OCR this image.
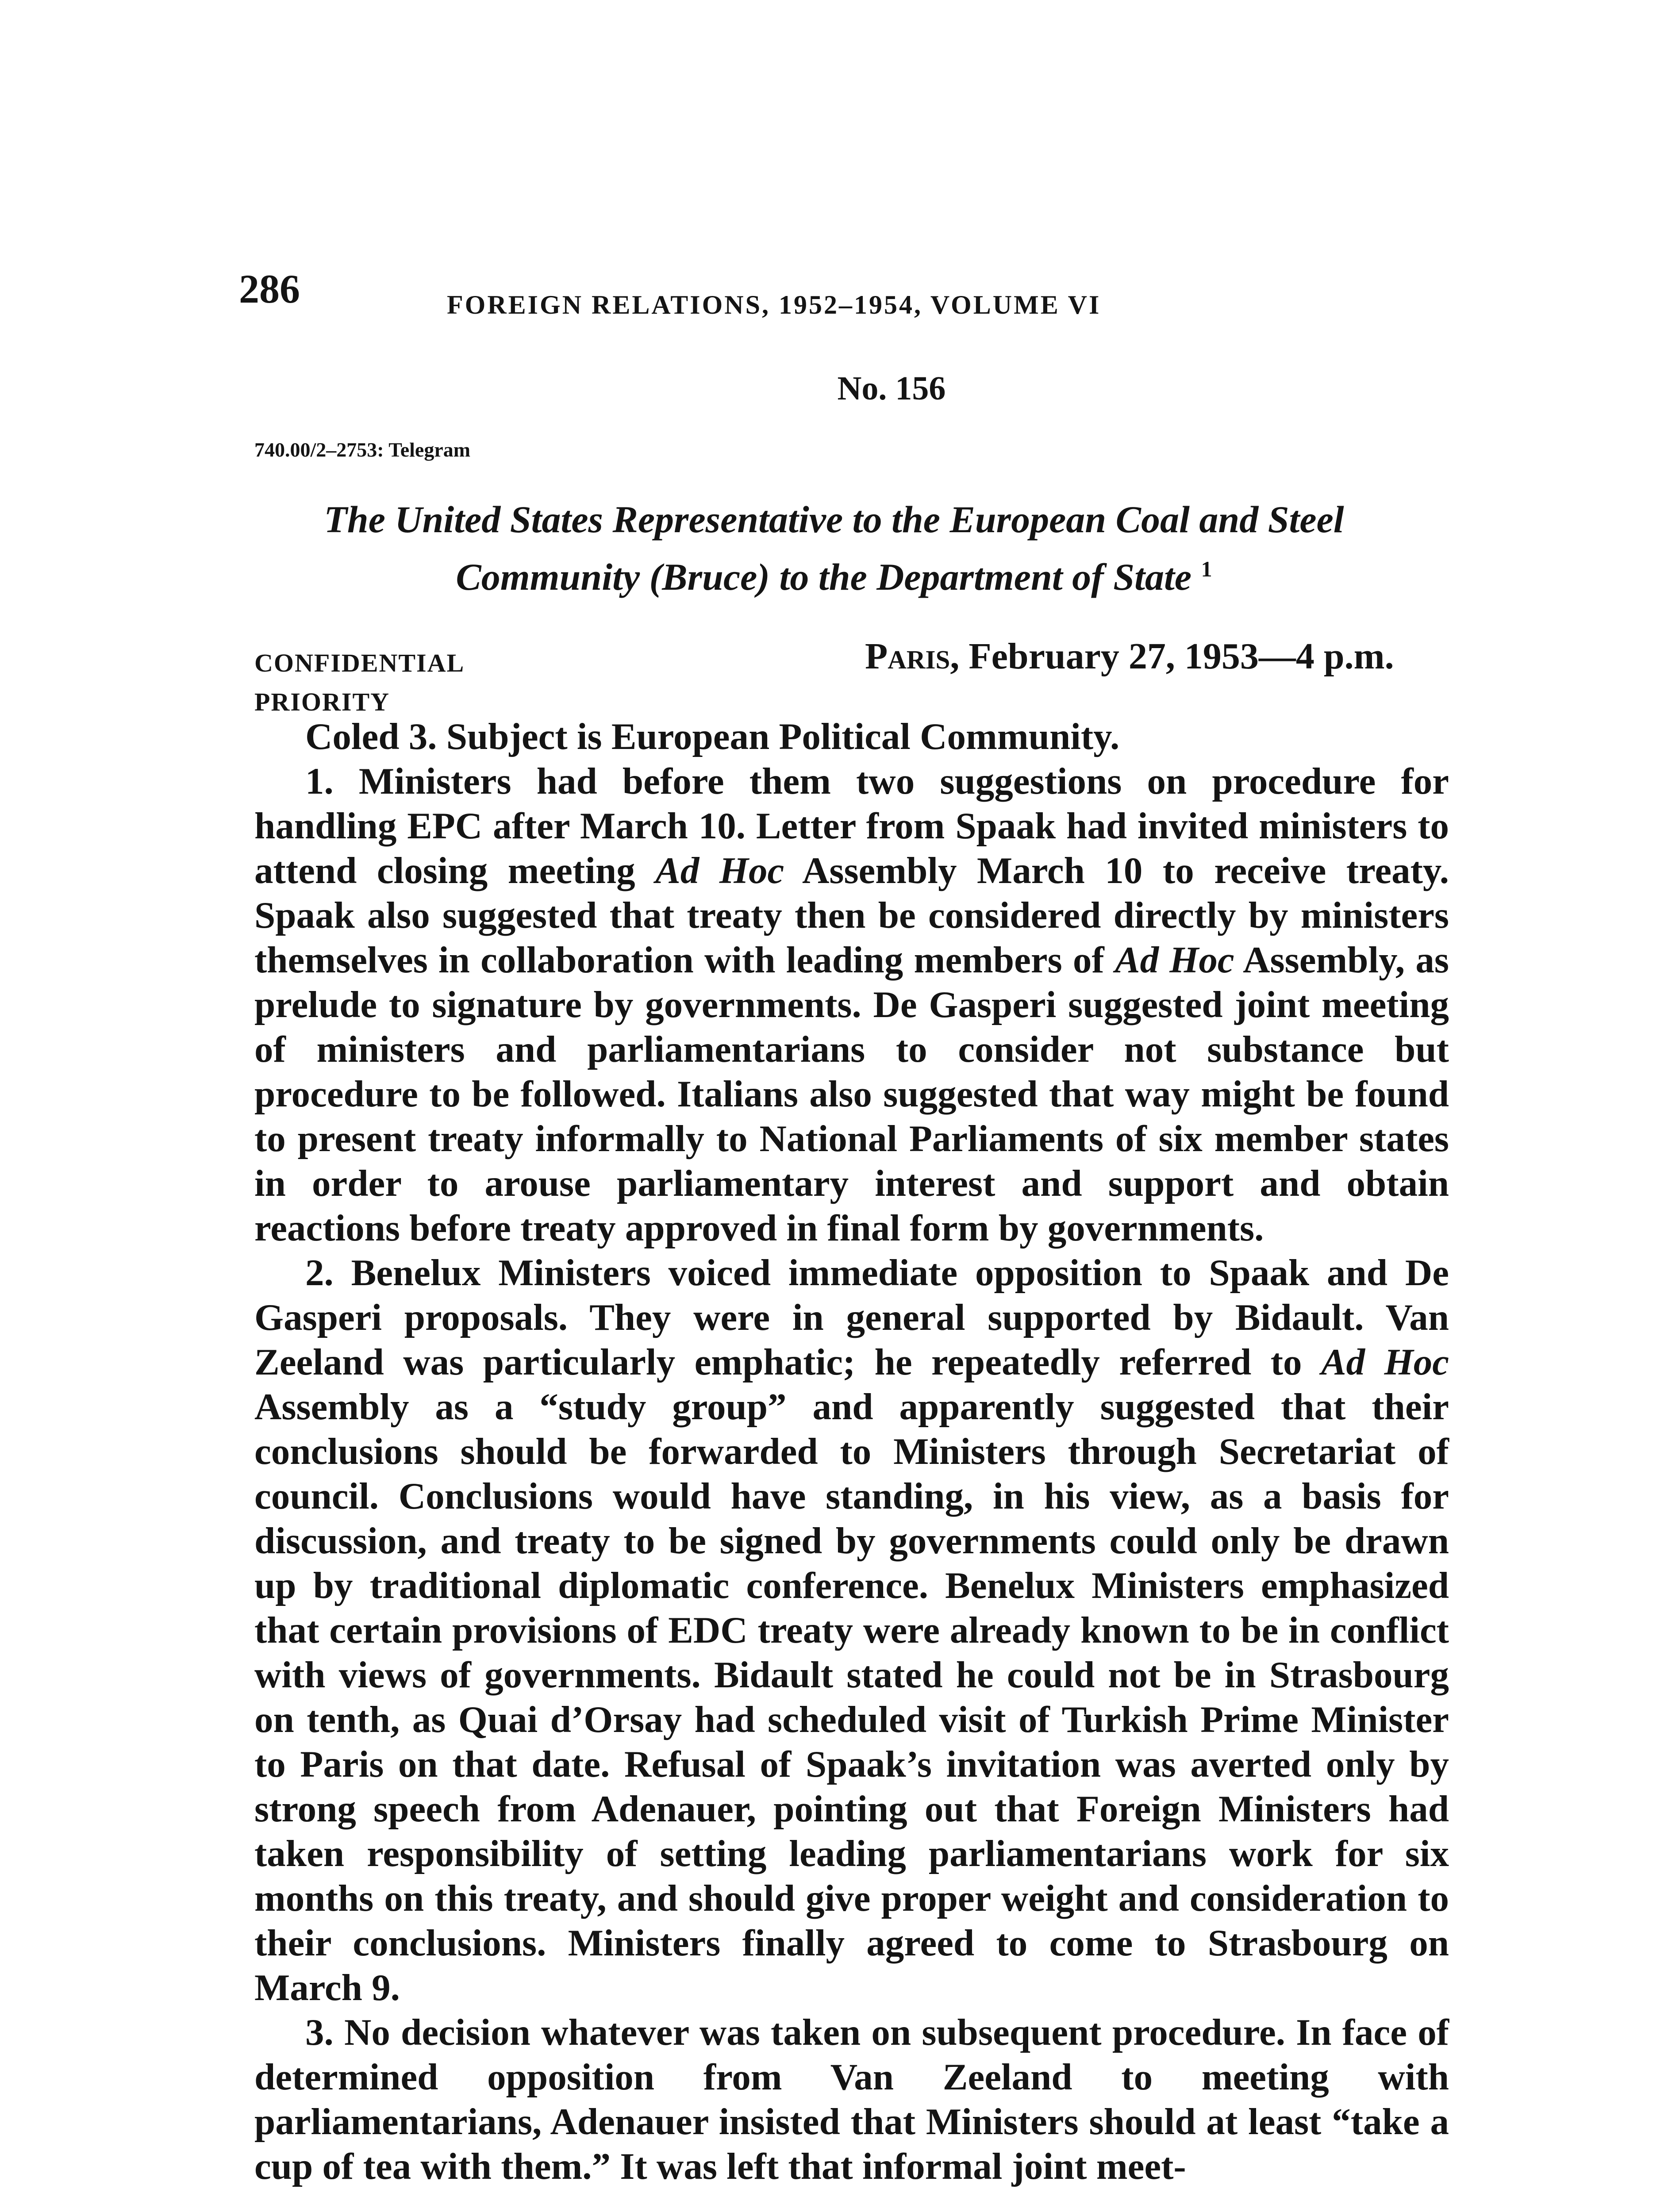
286	FOREIGN RELATIONS, 1952–1954, VOLUME VI
No. 156
740.00/2–2753: Telegram
The United States Representative to the European Coal and Steel
Community (Bruce) to the Department of State $^1$
CONFIDENTIAL
PRIORITY
Paris, February 27, 1953—4 p.m.

Coled 3. Subject is European Political Community.

1. Ministers had before them two suggestions on procedure for handling EPC after March 10. Letter from Spaak had invited ministers to attend closing meeting Ad Hoc Assembly March 10 to receive treaty. Spaak also suggested that treaty then be considered directly by ministers themselves in collaboration with leading members of Ad Hoc Assembly, as prelude to signature by governments. De Gasperi suggested joint meeting of ministers and parliamentarians to consider not substance but procedure to be followed. Italians also suggested that way might be found to present treaty informally to National Parliaments of six member states in order to arouse parliamentary interest and support and obtain reactions before treaty approved in final form by governments.

2. Benelux Ministers voiced immediate opposition to Spaak and De Gasperi proposals. They were in general supported by Bidault. Van Zeeland was particularly emphatic; he repeatedly referred to Ad Hoc Assembly as a “study group” and apparently suggested that their conclusions should be forwarded to Ministers through Secretariat of council. Conclusions would have standing, in his view, as a basis for discussion, and treaty to be signed by governments could only be drawn up by traditional diplomatic conference. Benelux Ministers emphasized that certain provisions of EDC treaty were already known to be in conflict with views of governments. Bidault stated he could not be in Strasbourg on tenth, as Quai d’Orsay had scheduled visit of Turkish Prime Minister to Paris on that date. Refusal of Spaak’s invitation was averted only by strong speech from Adenauer, pointing out that Foreign Ministers had taken responsibility of setting leading parliamentarians work for six months on this treaty, and should give proper weight and consideration to their conclusions. Ministers finally agreed to come to Strasbourg on March 9.

3. No decision whatever was taken on subsequent procedure. In face of determined opposition from Van Zeeland to meeting with parliamentarians, Adenauer insisted that Ministers should at least “take a cup of tea with them.” It was left that informal joint meet-
